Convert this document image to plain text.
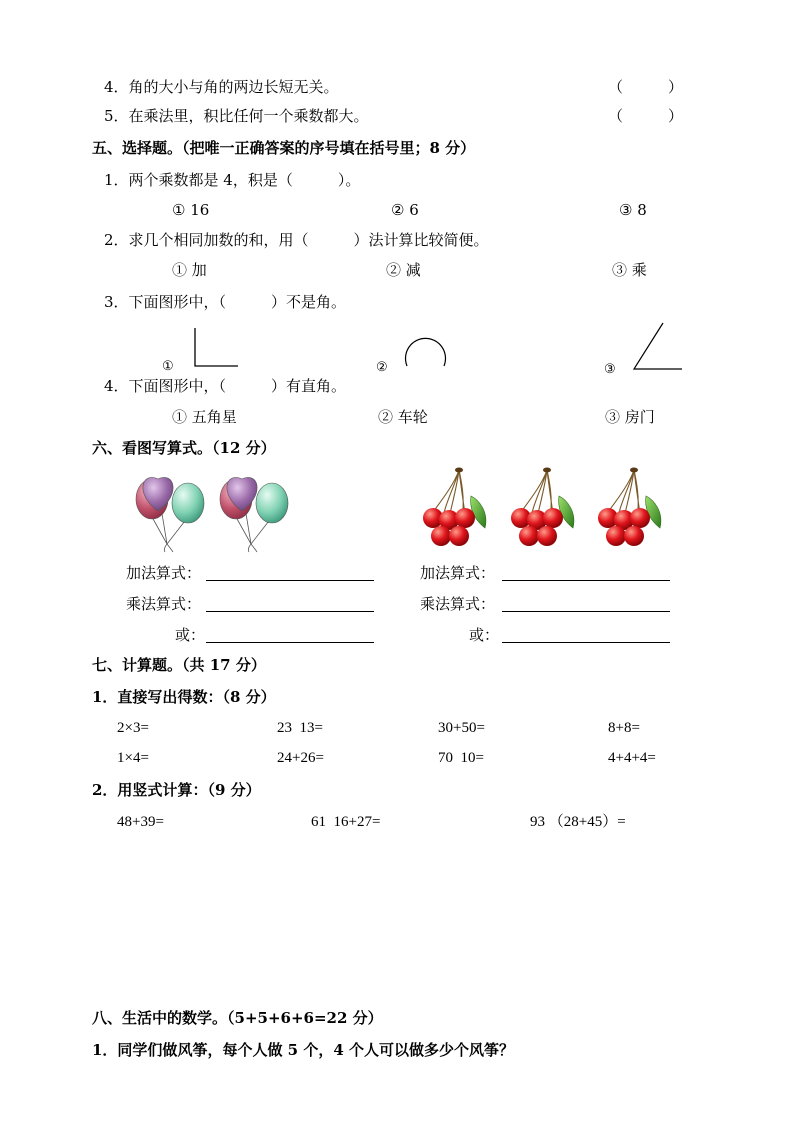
4．角的大小与角的两边长短无关。	（　　　）
5．在乘法里，积比任何一个乘数都大。	（　　　）
五、选择题。（把唯一正确答案的序号填在括号里；8 分）
1．两个乘数都是 4，积是（　　　）。
① 16	② 6	③ 8
2．求几个相同加数的和，用（　　　）法计算比较简便。
① 加	② 减	③ 乘
3．下面图形中，（　　　）不是角。
①	②	③
4．下面图形中，（　　　）有直角。
① 五角星	② 车轮	③ 房门
六、看图写算式。（12 分）
加法算式：
乘法算式：
或：
加法算式：
乘法算式：
或：
七、计算题。（共 17 分）
1．直接写出得数：（8 分）
2×3=	23  13=	30+50=	8+8=
1×4=	24+26=	70  10=	4+4+4=
2．用竖式计算：（9 分）
48+39=	61  16+27=	93 （28+45）=
八、生活中的数学。（5+5+6+6=22 分）
1．同学们做风筝，每个人做 5 个，4 个人可以做多少个风筝？
